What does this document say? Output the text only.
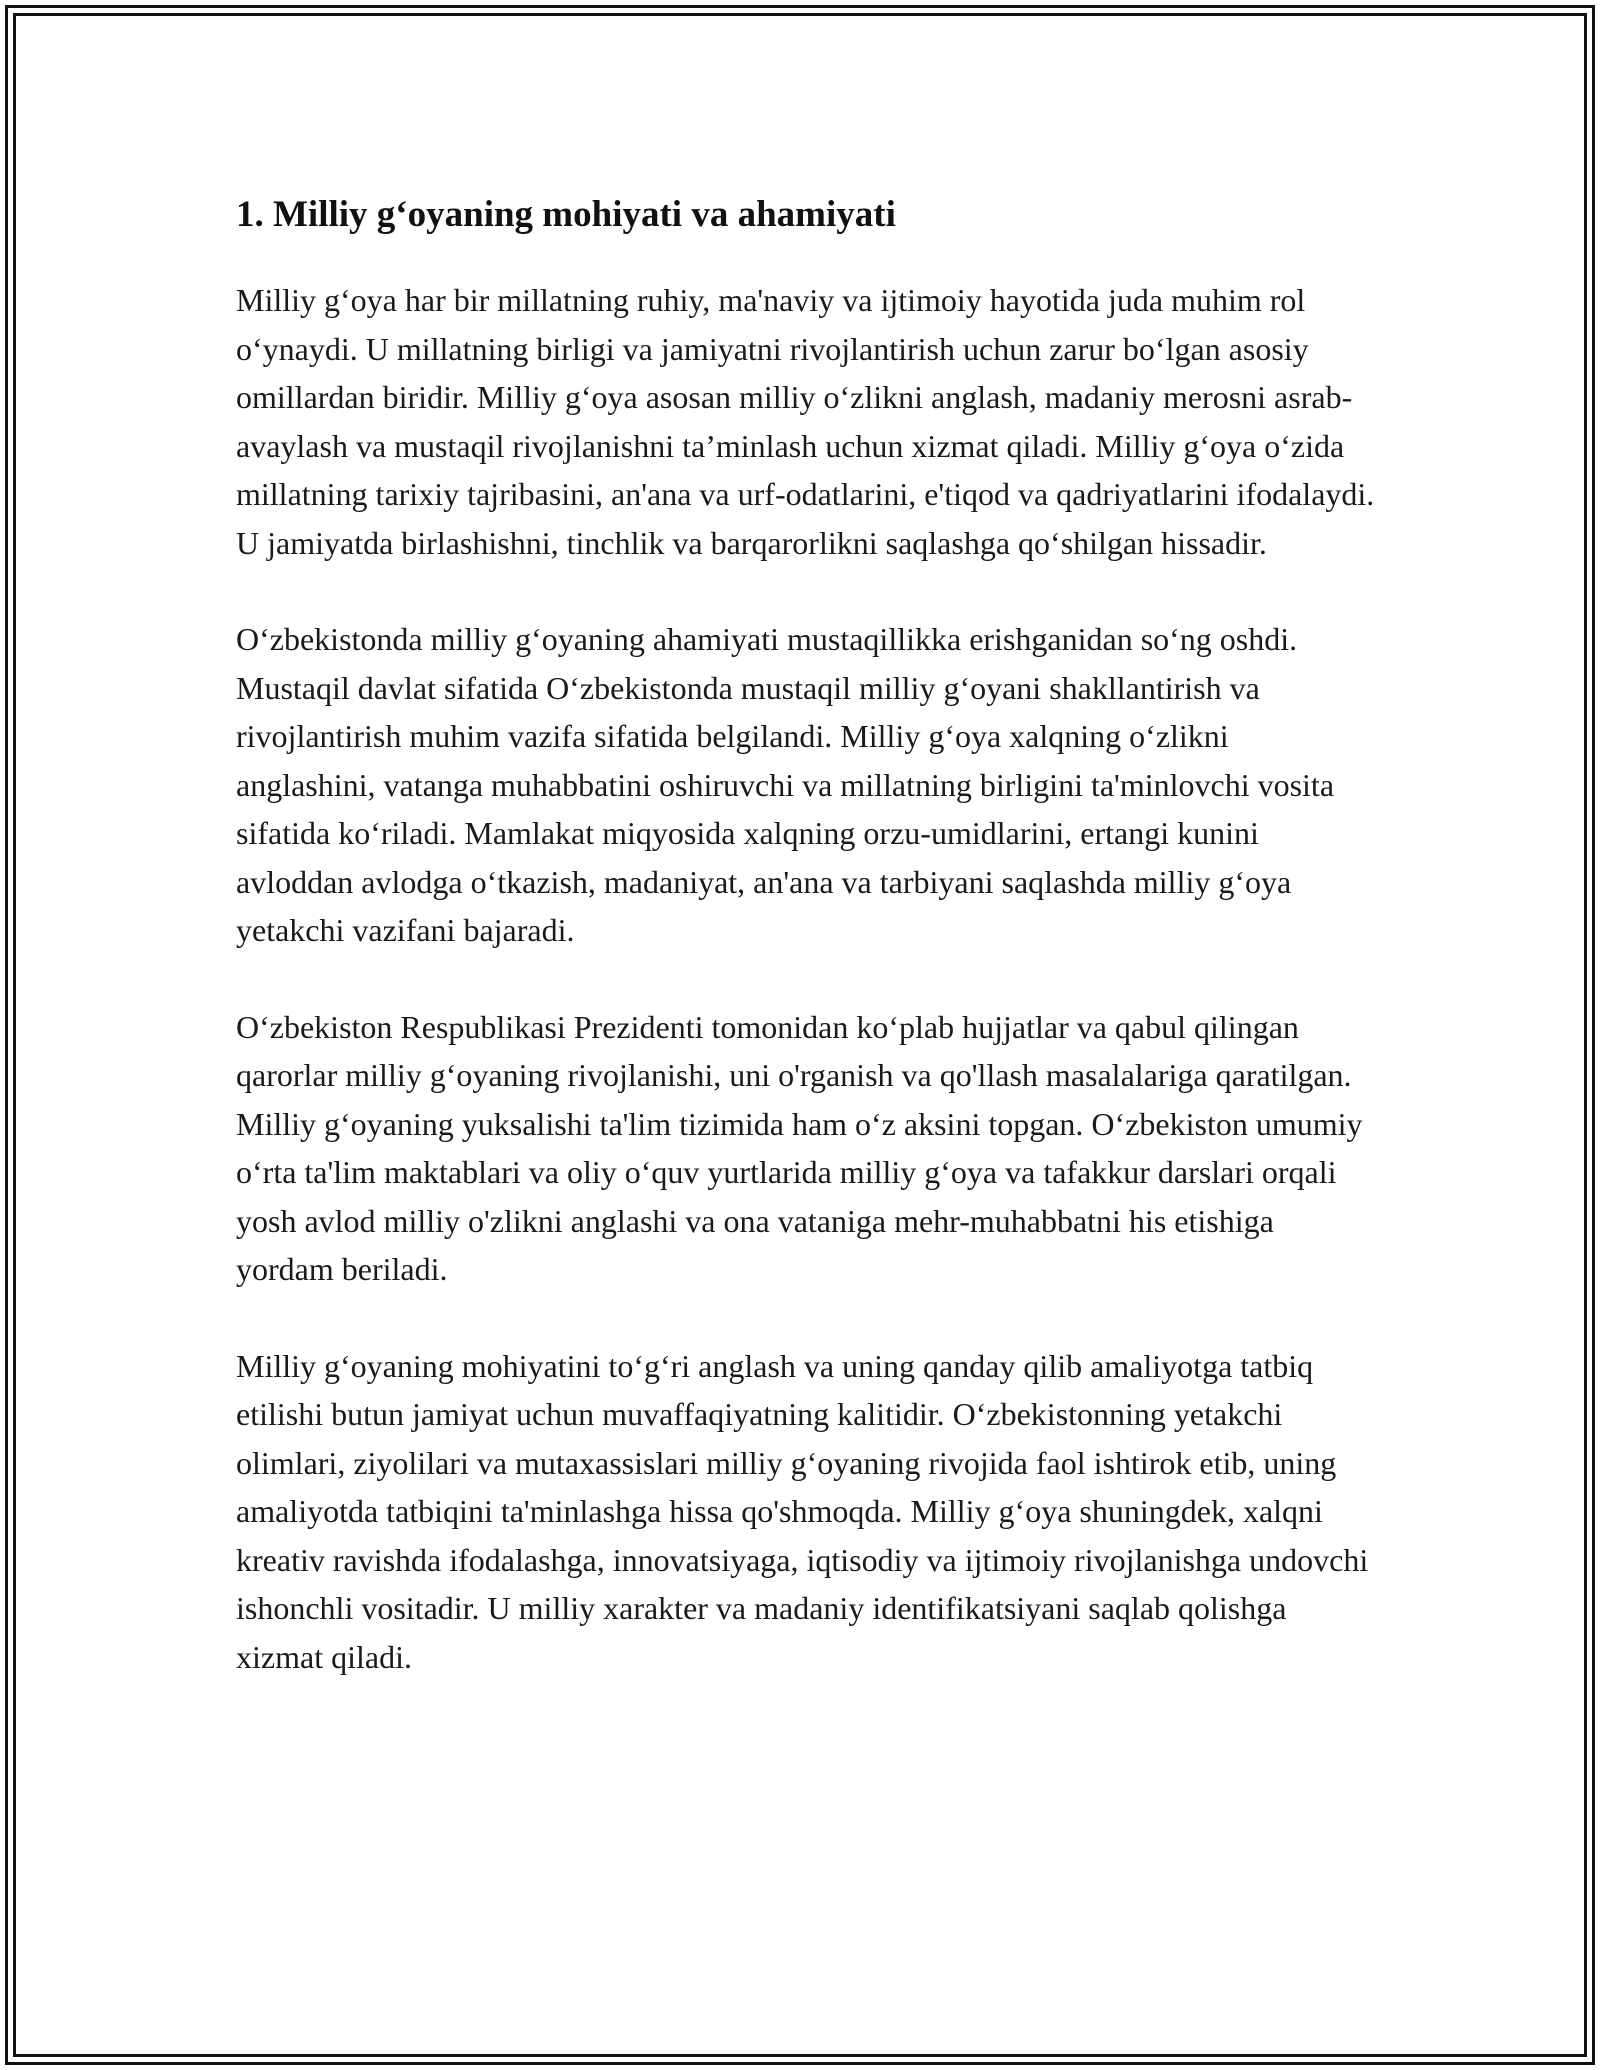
1. Milliy g‘oyaning mohiyati va ahamiyati

Milliy g‘oya har bir millatning ruhiy, ma'naviy va ijtimoiy hayotida juda muhim rol o‘ynaydi. U millatning birligi va jamiyatni rivojlantirish uchun zarur bo‘lgan asosiy omillardan biridir. Milliy g‘oya asosan milliy o‘zlikni anglash, madaniy merosni asrab-avaylash va mustaqil rivojlanishni ta’minlash uchun xizmat qiladi. Milliy g‘oya o‘zida millatning tarixiy tajribasini, an'ana va urf-odatlarini, e'tiqod va qadriyatlarini ifodalaydi. U jamiyatda birlashishni, tinchlik va barqarorlikni saqlashga qo‘shilgan hissadir.

O‘zbekistonda milliy g‘oyaning ahamiyati mustaqillikka erishganidan so‘ng oshdi. Mustaqil davlat sifatida O‘zbekistonda mustaqil milliy g‘oyani shakllantirish va rivojlantirish muhim vazifa sifatida belgilandi. Milliy g‘oya xalqning o‘zlikni anglashini, vatanga muhabbatini oshiruvchi va millatning birligini ta'minlovchi vosita sifatida ko‘riladi. Mamlakat miqyosida xalqning orzu-umidlarini, ertangi kunini avloddan avlodga o‘tkazish, madaniyat, an'ana va tarbiyani saqlashda milliy g‘oya yetakchi vazifani bajaradi.

O‘zbekiston Respublikasi Prezidenti tomonidan ko‘plab hujjatlar va qabul qilingan qarorlar milliy g‘oyaning rivojlanishi, uni o'rganish va qo'llash masalalariga qaratilgan. Milliy g‘oyaning yuksalishi ta'lim tizimida ham o‘z aksini topgan. O‘zbekiston umumiy o‘rta ta'lim maktablari va oliy o‘quv yurtlarida milliy g‘oya va tafakkur darslari orqali yosh avlod milliy o'zlikni anglashi va ona vataniga mehr-muhabbatni his etishiga yordam beriladi.

Milliy g‘oyaning mohiyatini to‘g‘ri anglash va uning qanday qilib amaliyotga tatbiq etilishi butun jamiyat uchun muvaffaqiyatning kalitidir. O‘zbekistonning yetakchi olimlari, ziyolilari va mutaxassislari milliy g‘oyaning rivojida faol ishtirok etib, uning amaliyotda tatbiqini ta'minlashga hissa qo'shmoqda. Milliy g‘oya shuningdek, xalqni kreativ ravishda ifodalashga, innovatsiyaga, iqtisodiy va ijtimoiy rivojlanishga undovchi ishonchli vositadir. U milliy xarakter va madaniy identifikatsiyani saqlab qolishga xizmat qiladi.
